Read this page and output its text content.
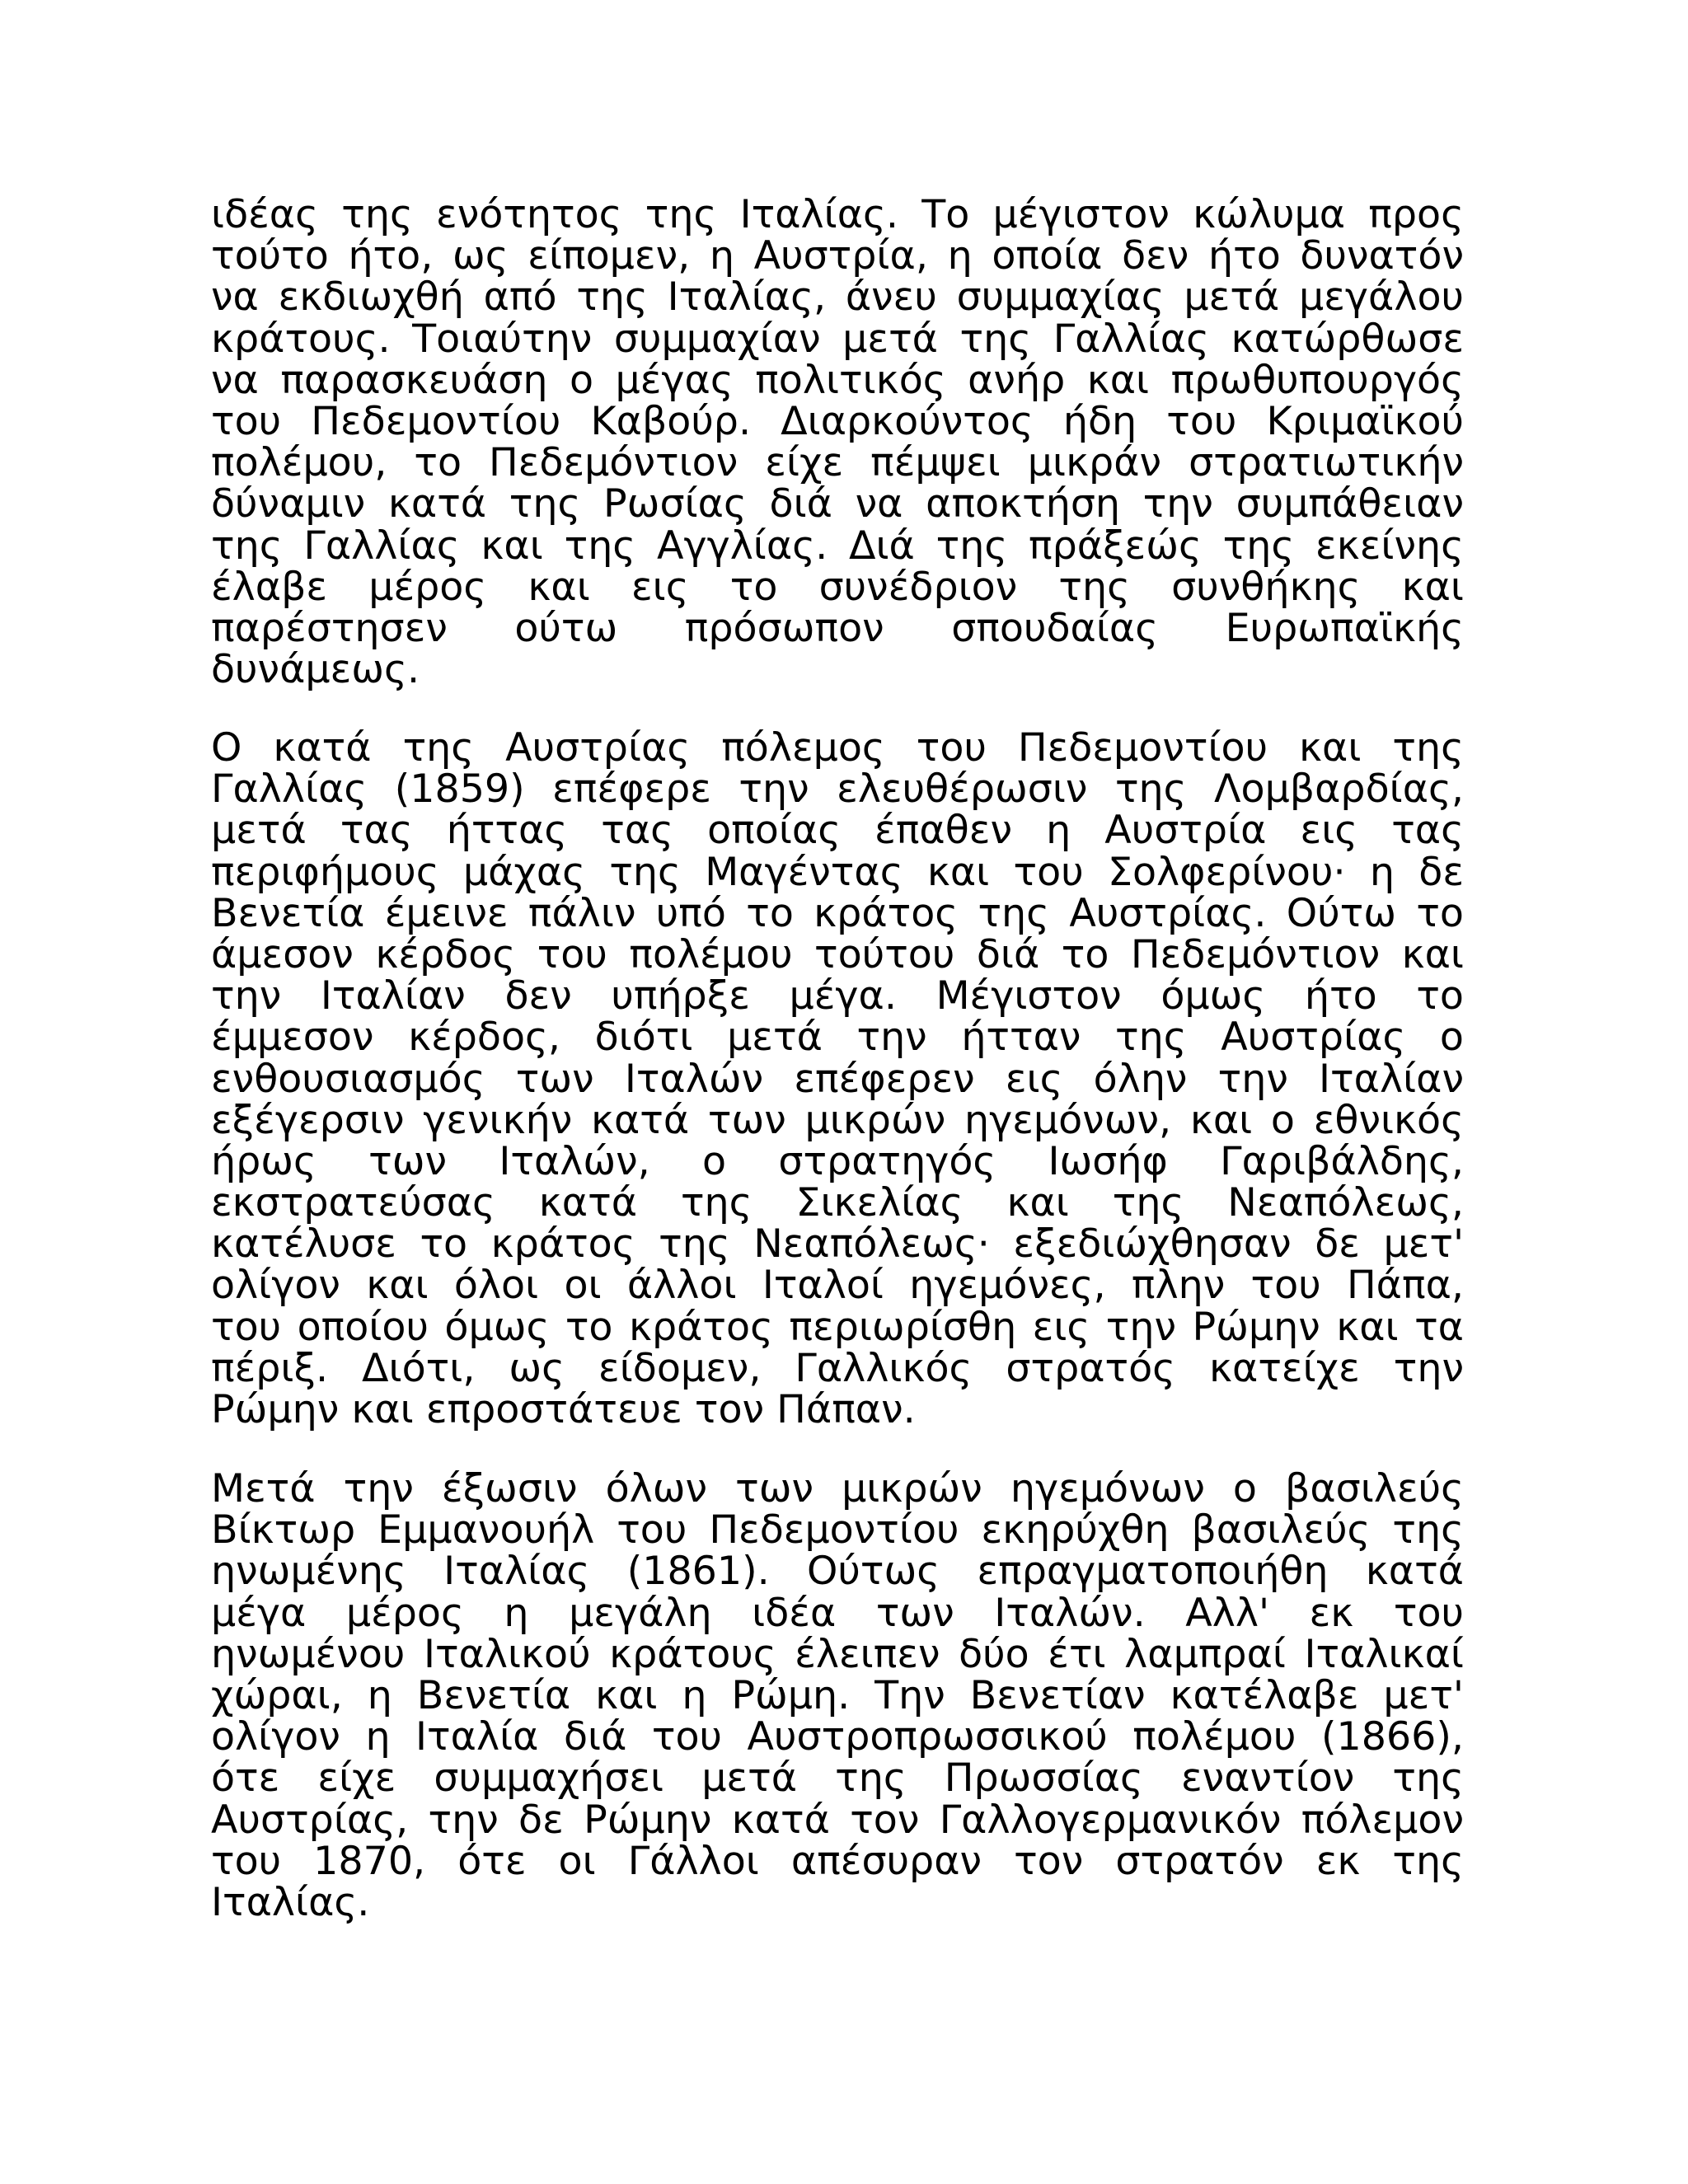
ιδέας της ενότητος της Ιταλίας. Το μέγιστον κώλυμα προς
τούτο ήτο, ως είπομεν, η Αυστρία, η οποία δεν ήτο δυνατόν
να εκδιωχθή από της Ιταλίας, άνευ συμμαχίας μετά μεγάλου
κράτους. Τοιαύτην συμμαχίαν μετά της Γαλλίας κατώρθωσε
να παρασκευάση ο μέγας πολιτικός ανήρ και πρωθυπουργός
του Πεδεμοντίου Καβούρ. Διαρκούντος ήδη του Κριμαϊκού
πολέμου, το Πεδεμόντιον είχε πέμψει μικράν στρατιωτικήν
δύναμιν κατά της Ρωσίας διά να αποκτήση την συμπάθειαν
της Γαλλίας και της Αγγλίας. Διά της πράξεώς της εκείνης
έλαβε μέρος και εις το συνέδριον της συνθήκης και
παρέστησεν ούτω πρόσωπον σπουδαίας Ευρωπαϊκής
δυνάμεως.
Ο κατά της Αυστρίας πόλεμος του Πεδεμοντίου και της
Γαλλίας (1859) επέφερε την ελευθέρωσιν της Λομβαρδίας,
μετά τας ήττας τας οποίας έπαθεν η Αυστρία εις τας
περιφήμους μάχας της Μαγέντας και του Σολφερίνου· η δε
Βενετία έμεινε πάλιν υπό το κράτος της Αυστρίας. Ούτω το
άμεσον κέρδος του πολέμου τούτου διά το Πεδεμόντιον και
την Ιταλίαν δεν υπήρξε μέγα. Μέγιστον όμως ήτο το
έμμεσον κέρδος, διότι μετά την ήτταν της Αυστρίας ο
ενθουσιασμός των Ιταλών επέφερεν εις όλην την Ιταλίαν
εξέγερσιν γενικήν κατά των μικρών ηγεμόνων, και ο εθνικός
ήρως των Ιταλών, ο στρατηγός Ιωσήφ Γαριβάλδης,
εκστρατεύσας κατά της Σικελίας και της Νεαπόλεως,
κατέλυσε το κράτος της Νεαπόλεως· εξεδιώχθησαν δε μετ'
ολίγον και όλοι οι άλλοι Ιταλοί ηγεμόνες, πλην του Πάπα,
του οποίου όμως το κράτος περιωρίσθη εις την Ρώμην και τα
πέριξ. Διότι, ως είδομεν, Γαλλικός στρατός κατείχε την
Ρώμην και επροστάτευε τον Πάπαν.
Μετά την έξωσιν όλων των μικρών ηγεμόνων ο βασιλεύς
Βίκτωρ Εμμανουήλ του Πεδεμοντίου εκηρύχθη βασιλεύς της
ηνωμένης Ιταλίας (1861). Ούτως επραγματοποιήθη κατά
μέγα μέρος η μεγάλη ιδέα των Ιταλών. Αλλ' εκ του
ηνωμένου Ιταλικού κράτους έλειπεν δύο έτι λαμπραί Ιταλικαί
χώραι, η Βενετία και η Ρώμη. Την Βενετίαν κατέλαβε μετ'
ολίγον η Ιταλία διά του Αυστροπρωσσικού πολέμου (1866),
ότε είχε συμμαχήσει μετά της Πρωσσίας εναντίον της
Αυστρίας, την δε Ρώμην κατά τον Γαλλογερμανικόν πόλεμον
του 1870, ότε οι Γάλλοι απέσυραν τον στρατόν εκ της
Ιταλίας.
